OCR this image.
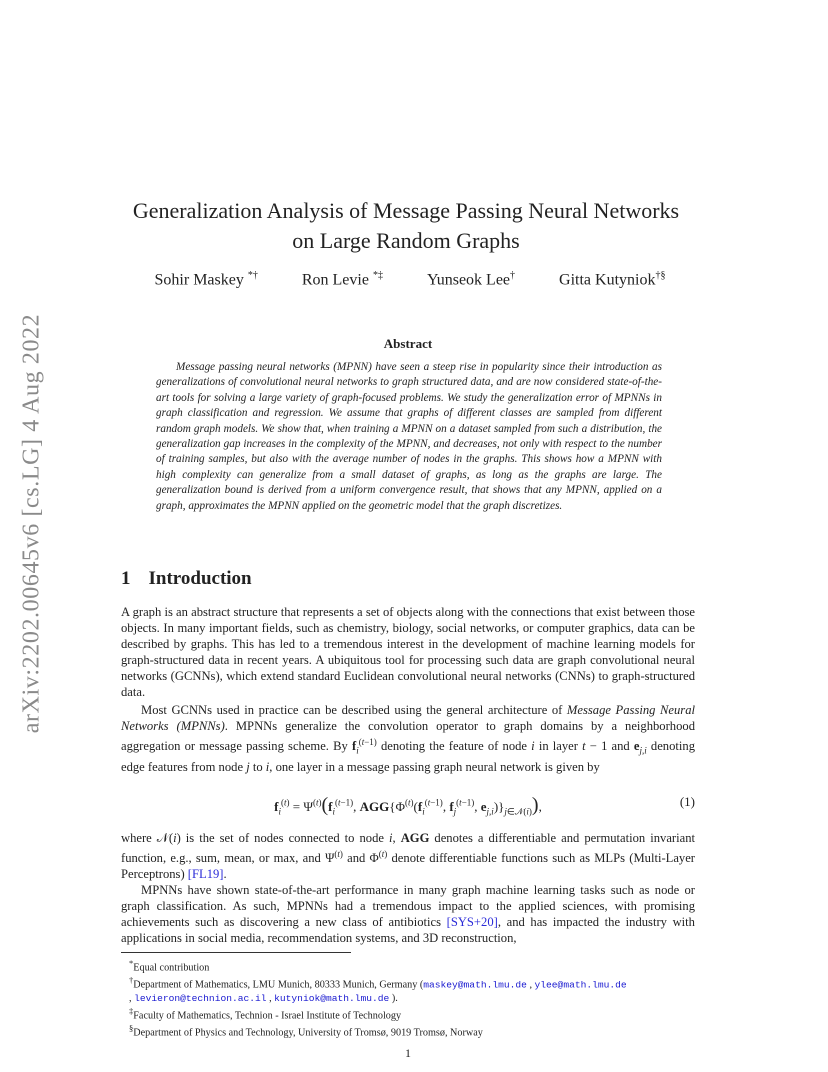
arXiv:2202.00645v6 [cs.LG] 4 Aug 2022
Generalization Analysis of Message Passing Neural Networks
on Large Random Graphs
Sohir Maskey *†	Ron Levie *‡	Yunseok Lee†	Gitta Kutyniok†§
Abstract
Message passing neural networks (MPNN) have seen a steep rise in popularity since their introduction as generalizations of convolutional neural networks to graph structured data, and are now considered state-of-the-art tools for solving a large variety of graph-focused problems. We study the generalization error of MPNNs in graph classification and regression. We assume that graphs of different classes are sampled from different random graph models. We show that, when training a MPNN on a dataset sampled from such a distribution, the generalization gap increases in the complexity of the MPNN, and decreases, not only with respect to the number of training samples, but also with the average number of nodes in the graphs. This shows how a MPNN with high complexity can generalize from a small dataset of graphs, as long as the graphs are large. The generalization bound is derived from a uniform convergence result, that shows that any MPNN, applied on a graph, approximates the MPNN applied on the geometric model that the graph discretizes.
1 Introduction
A graph is an abstract structure that represents a set of objects along with the connections that exist between those objects. In many important fields, such as chemistry, biology, social networks, or computer graphics, data can be described by graphs. This has led to a tremendous interest in the development of machine learning models for graph-structured data in recent years. A ubiquitous tool for processing such data are graph convolutional neural networks (GCNNs), which extend standard Euclidean convolutional neural networks (CNNs) to graph-structured data.
Most GCNNs used in practice can be described using the general architecture of Message Passing Neural Networks (MPNNs). MPNNs generalize the convolution operator to graph domains by a neighborhood aggregation or message passing scheme. By $f_i^{(t-1)}$ denoting the feature of node i in layer t − 1 and $e_{j,i}$ denoting edge features from node j to i, one layer in a message passing graph neural network is given by
$f_i^{(t)} = \Psi^{(t)}(f_i^{(t-1)}$, $AGG\{\Phi^{(t)}(f_i^{(t-1)}$, $f_j^{(t-1)}$, $e_{j,i})\}_{j\in 𝒩(i)}$),	(1)
where 𝒩(i) is the set of nodes connected to node i, AGG denotes a differentiable and permutation invariant function, e.g., sum, mean, or max, and $\Psi^{(t)}$ and $\Phi^{(t)}$ denote differentiable functions such as MLPs (Multi-Layer Perceptrons) [FL19].
MPNNs have shown state-of-the-art performance in many graph machine learning tasks such as node or graph classification. As such, MPNNs had a tremendous impact to the applied sciences, with promising achievements such as discovering a new class of antibiotics [SYS+20], and has impacted the industry with applications in social media, recommendation systems, and 3D reconstruction,
*Equal contribution
†Department of Mathematics, LMU Munich, 80333 Munich, Germany (maskey@math.lmu.de , ylee@math.lmu.de
, levieron@technion.ac.il , kutyniok@math.lmu.de ).
‡Faculty of Mathematics, Technion - Israel Institute of Technology
§Department of Physics and Technology, University of Tromsø, 9019 Tromsø, Norway
1
